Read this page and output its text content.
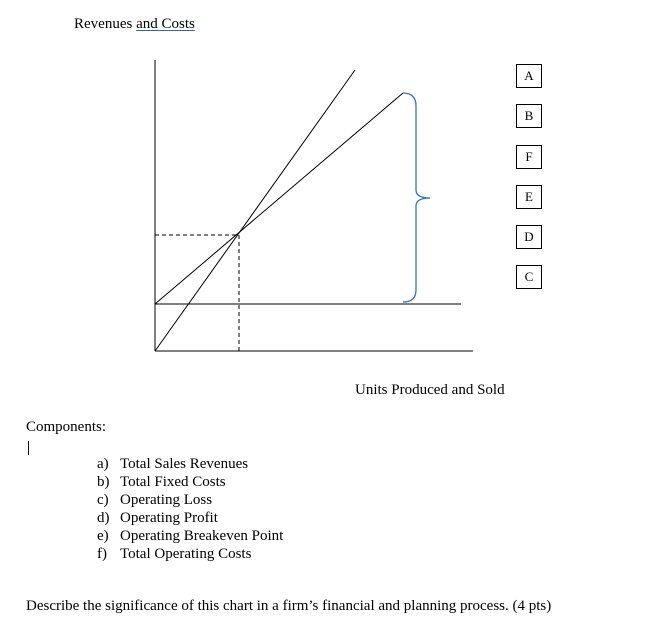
Revenues and Costs
A
B
F
E
D
C
Units Produced and Sold
Components:
a) Total Sales Revenues
b) Total Fixed Costs
c) Operating Loss
d) Operating Profit
e) Operating Breakeven Point
f) Total Operating Costs
Describe the significance of this chart in a firm’s financial and planning process. (4 pts)
